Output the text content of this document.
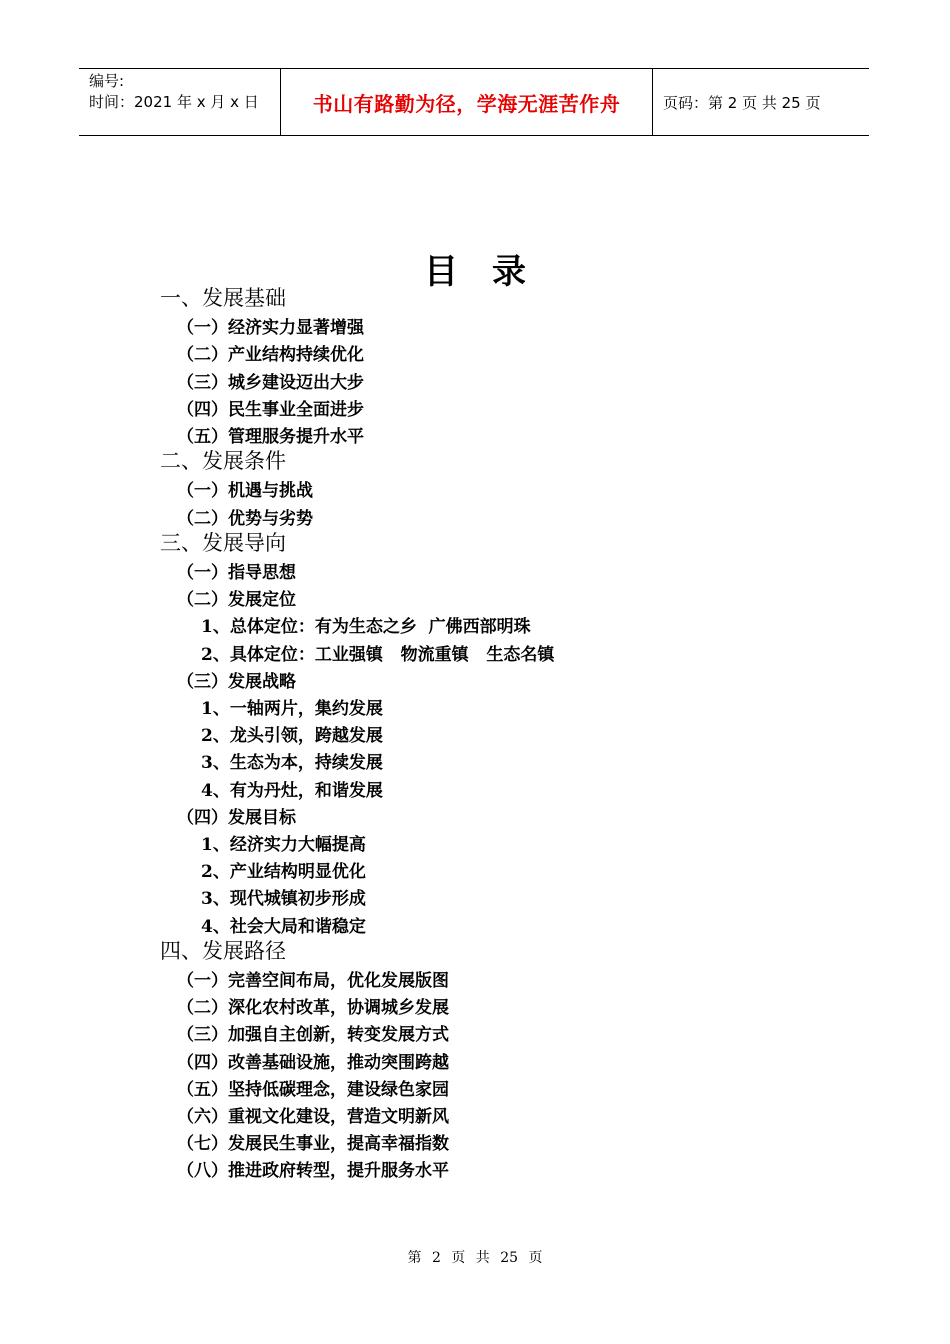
编号:
时间：2021 年 x 月 x 日	书山有路勤为径，学海无涯苦作舟	页码：第 2 页 共 25 页
目录
一、发展基础
（一）经济实力显著增强
（二）产业结构持续优化
（三）城乡建设迈出大步
（四）民生事业全面进步
（五）管理服务提升水平
二、发展条件
（一）机遇与挑战
（二）优势与劣势
三、发展导向
（一）指导思想
（二）发展定位
1、总体定位：有为生态之乡  广佛西部明珠
2、具体定位：工业强镇   物流重镇   生态名镇
（三）发展战略
1、一轴两片，集约发展
2、龙头引领，跨越发展
3、生态为本，持续发展
4、有为丹灶，和谐发展
（四）发展目标
1、经济实力大幅提高
2、产业结构明显优化
3、现代城镇初步形成
4、社会大局和谐稳定
四、发展路径
（一）完善空间布局，优化发展版图
（二）深化农村改革，协调城乡发展
（三）加强自主创新，转变发展方式
（四）改善基础设施，推动突围跨越
（五）坚持低碳理念，建设绿色家园
（六）重视文化建设，营造文明新风
（七）发展民生事业，提高幸福指数
（八）推进政府转型，提升服务水平
第 2 页 共 25 页
